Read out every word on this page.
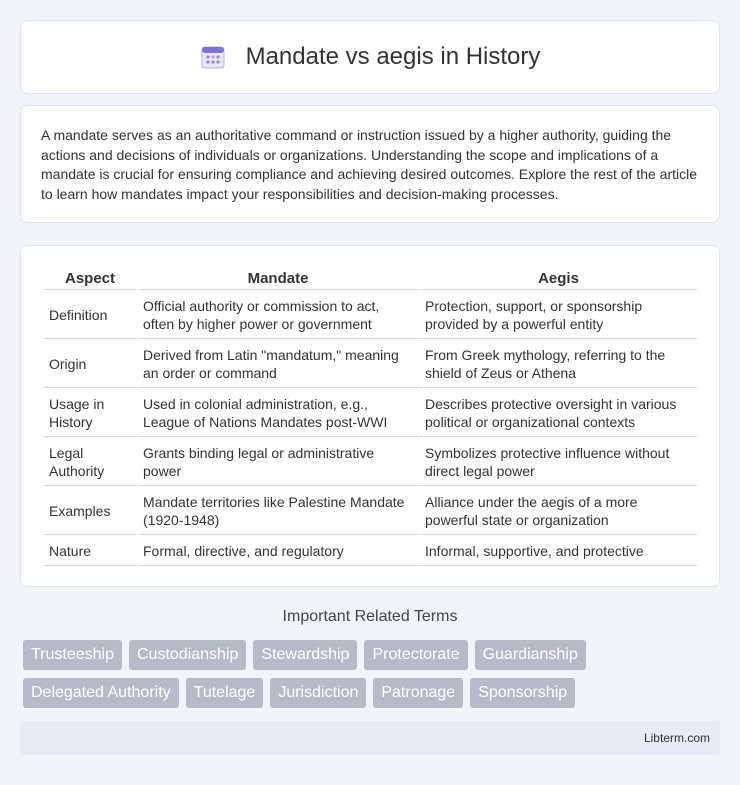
Mandate vs aegis in History

A mandate serves as an authoritative command or instruction issued by a higher authority, guiding the actions and decisions of individuals or organizations. Understanding the scope and implications of a mandate is crucial for ensuring compliance and achieving desired outcomes. Explore the rest of the article to learn how mandates impact your responsibilities and decision-making processes.

Aspect	Mandate	Aegis
Definition	Official authority or commission to act, often by higher power or government	Protection, support, or sponsorship provided by a powerful entity
Origin	Derived from Latin "mandatum," meaning an order or command	From Greek mythology, referring to the shield of Zeus or Athena
Usage in History	Used in colonial administration, e.g., League of Nations Mandates post-WWI	Describes protective oversight in various political or organizational contexts
Legal Authority	Grants binding legal or administrative power	Symbolizes protective influence without direct legal power
Examples	Mandate territories like Palestine Mandate (1920-1948)	Alliance under the aegis of a more powerful state or organization
Nature	Formal, directive, and regulatory	Informal, supportive, and protective
Important Related Terms
Trusteeship	Custodianship	Stewardship	Protectorate	Guardianship
Delegated Authority	Tutelage	Jurisdiction	Patronage	Sponsorship
Libterm.com
